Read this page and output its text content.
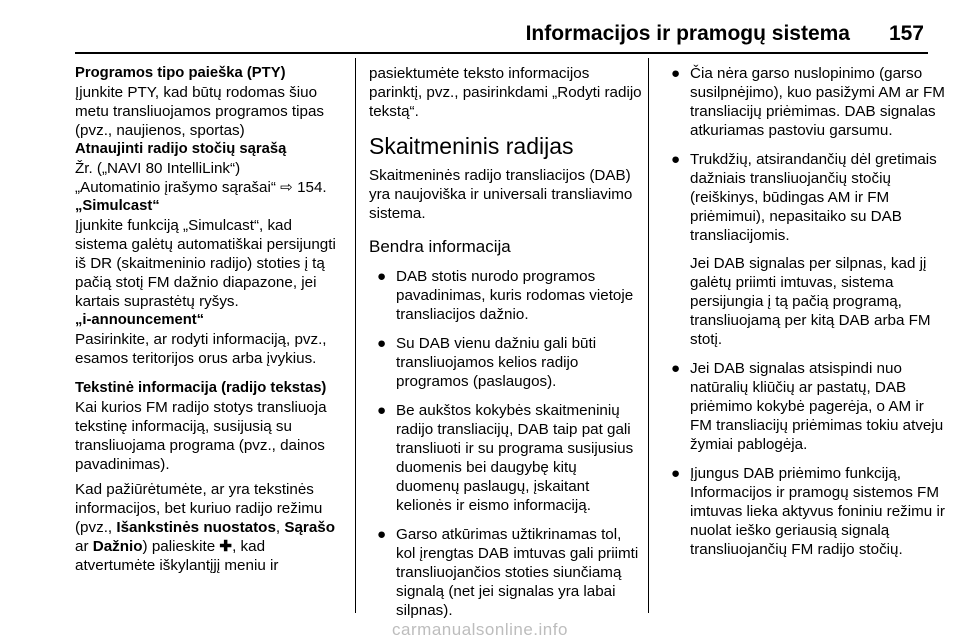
Informacijos ir pramogų sistema 157
Programos tipo paieška (PTY)

Įjunkite PTY, kad būtų rodomas šiuo metu transliuojamos programos tipas (pvz., naujienos, sportas)

Atnaujinti radijo stočių sąrašą

Žr. („NAVI 80 IntelliLink“)
„Automatinio įrašymo sąrašai“ ⇨ 154.

„Simulcast“

Įjunkite funkciją „Simulcast“, kad sistema galėtų automatiškai persijungti iš DR (skaitmeninio radijo) stoties į tą pačią stotį FM dažnio diapazone, jei kartais suprastėtų ryšys.

„i-announcement“

Pasirinkite, ar rodyti informaciją, pvz., esamos teritorijos orus arba įvykius.

Tekstinė informacija (radijo tekstas)

Kai kurios FM radijo stotys transliuoja tekstinę informaciją, susijusią su transliuojama programa (pvz., dainos pavadinimas).

Kad pažiūrėtumėte, ar yra tekstinės informacijos, bet kuriuo radijo režimu (pvz., Išankstinės nuostatos, Sąrašo ar Dažnio) palieskite ✚, kad atvertumėte iškylantįjį meniu ir

pasiektumėte teksto informacijos parinktį, pvz., pasirinkdami „Rodyti radijo tekstą“.

Skaitmeninis radijas

Skaitmeninės radijo transliacijos (DAB) yra naujoviška ir universali transliavimo sistema.

Bendra informacija
● DAB stotis nurodo programos pavadinimas, kuris rodomas vietoje transliacijos dažnio.
● Su DAB vienu dažniu gali būti transliuojamos kelios radijo programos (paslaugos).
● Be aukštos kokybės skaitmeninių radijo transliacijų, DAB taip pat gali transliuoti ir su programa susijusius duomenis bei daugybę kitų duomenų paslaugų, įskaitant kelionės ir eismo informaciją.
● Garso atkūrimas užtikrinamas tol, kol įrengtas DAB imtuvas gali priimti transliuojančios stoties siunčiamą signalą (net jei signalas yra labai silpnas).
● Čia nėra garso nuslopinimo (garso susilpnėjimo), kuo pasižymi AM ar FM transliacijų priėmimas. DAB signalas atkuriamas pastoviu garsumu.
● Trukdžių, atsirandančių dėl gretimais dažniais transliuojančių stočių (reiškinys, būdingas AM ir FM priėmimui), nepasitaiko su DAB transliacijomis.

Jei DAB signalas per silpnas, kad jį galėtų priimti imtuvas, sistema persijungia į tą pačią programą, transliuojamą per kitą DAB arba FM stotį.

● Jei DAB signalas atsispindi nuo natūralių kliūčių ar pastatų, DAB priėmimo kokybė pagerėja, o AM ir FM transliacijų priėmimas tokiu atveju žymiai pablogėja.
● Įjungus DAB priėmimo funkciją, Informacijos ir pramogų sistemos FM imtuvas lieka aktyvus foniniu režimu ir nuolat ieško geriausią signalą transliuojančių FM radijo stočių.
carmanualsonline.info
